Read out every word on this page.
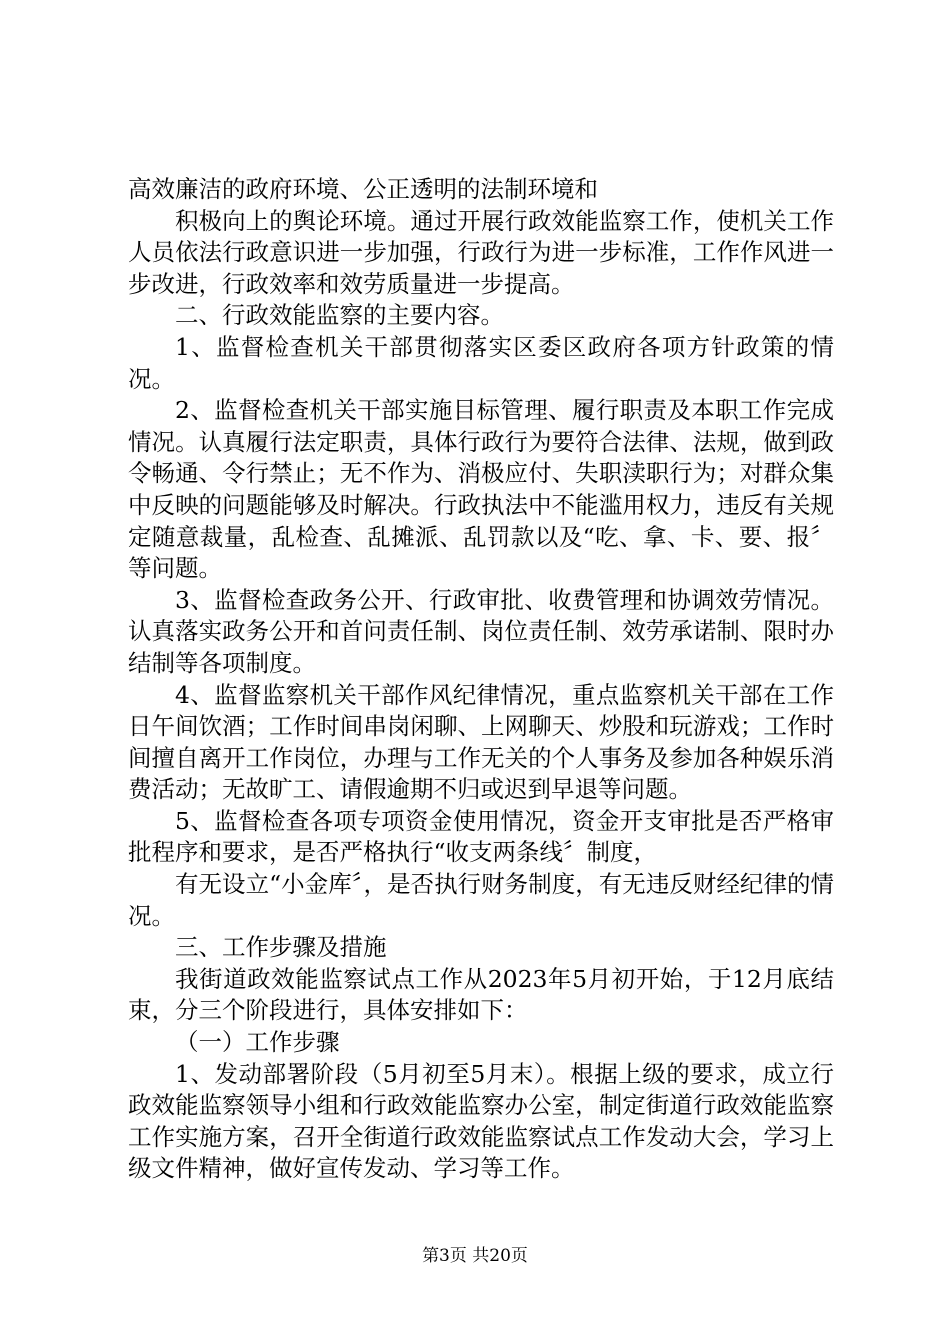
高效廉洁的政府环境、公正透明的法制环境和

积极向上的舆论环境。通过开展行政效能监察工作，使机关工作人员依法行政意识进一步加强，行政行为进一步标准，工作作风进一步改进，行政效率和效劳质量进一步提高。

二、行政效能监察的主要内容。

1、监督检查机关干部贯彻落实区委区政府各项方针政策的情况。

2、监督检查机关干部实施目标管理、履行职责及本职工作完成情况。认真履行法定职责，具体行政行为要符合法律、法规，做到政令畅通、令行禁止；无不作为、消极应付、失职渎职行为；对群众集中反映的问题能够及时解决。行政执法中不能滥用权力，违反有关规定随意裁量，乱检查、乱摊派、乱罚款以及“吃、拿、卡、要、报〞等问题。

3、监督检查政务公开、行政审批、收费管理和协调效劳情况。认真落实政务公开和首问责任制、岗位责任制、效劳承诺制、限时办结制等各项制度。

4、监督监察机关干部作风纪律情况，重点监察机关干部在工作日午间饮酒；工作时间串岗闲聊、上网聊天、炒股和玩游戏；工作时间擅自离开工作岗位，办理与工作无关的个人事务及参加各种娱乐消费活动；无故旷工、请假逾期不归或迟到早退等问题。

5、监督检查各项专项资金使用情况，资金开支审批是否严格审批程序和要求，是否严格执行“收支两条线〞制度，

有无设立“小金库〞，是否执行财务制度，有无违反财经纪律的情况。

三、工作步骤及措施

我街道政效能监察试点工作从2023年5月初开始，于12月底结束，分三个阶段进行，具体安排如下：

（一）工作步骤

1、发动部署阶段（5月初至5月末）。根据上级的要求，成立行政效能监察领导小组和行政效能监察办公室，制定街道行政效能监察工作实施方案，召开全街道行政效能监察试点工作发动大会，学习上级文件精神，做好宣传发动、学习等工作。

第3页 共20页
